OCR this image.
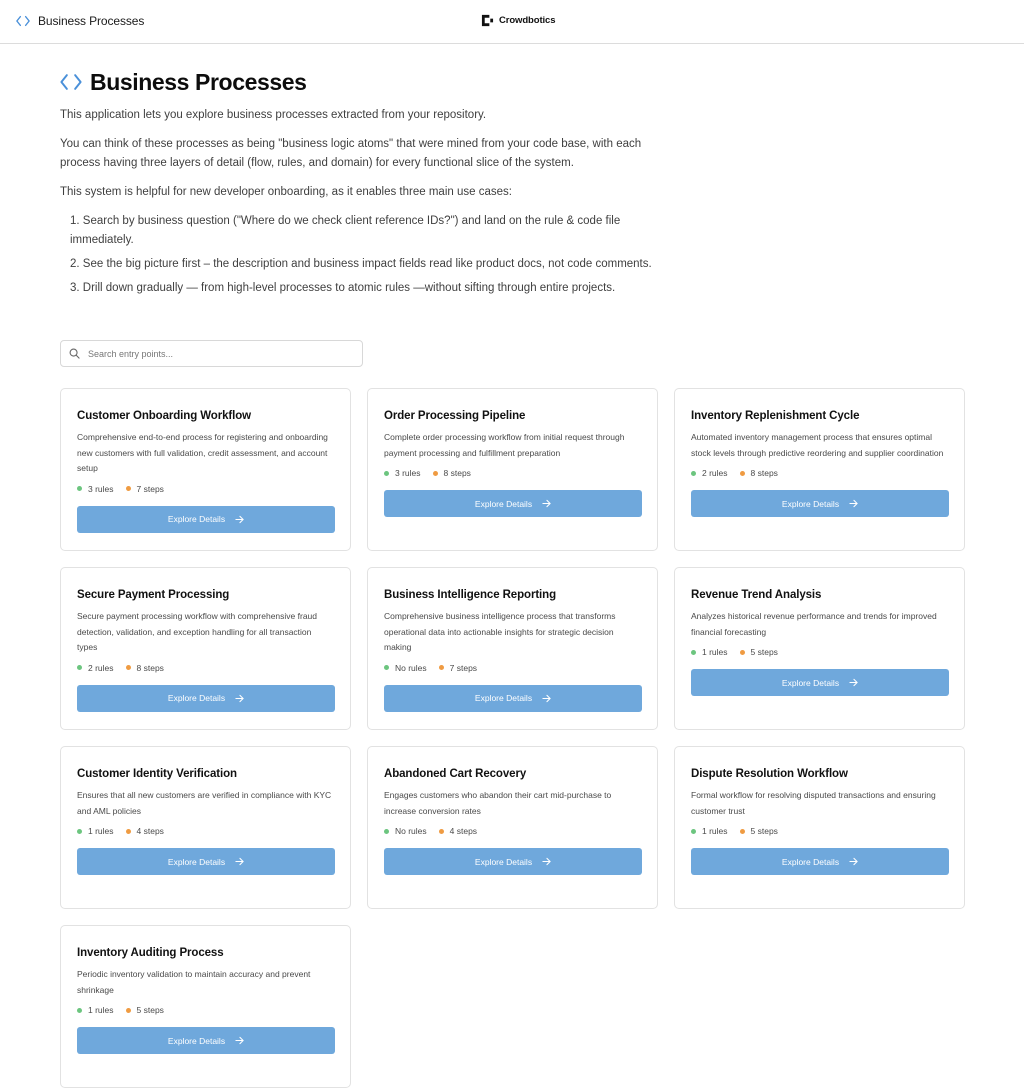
Business Processes	Crowdbotics
Business Processes

This application lets you explore business processes extracted from your repository.

You can think of these processes as being "business logic atoms" that were mined from your code base, with each process having three layers of detail (flow, rules, and domain) for every functional slice of the system.

This system is helpful for new developer onboarding, as it enables three main use cases:

1. Search by business question ("Where do we check client reference IDs?") and land on the rule & code file immediately.
2. See the big picture first – the description and business impact fields read like product docs, not code comments.
3. Drill down gradually — from high-level processes to atomic rules —without sifting through entire projects.
Search entry points...
Customer Onboarding Workflow
Comprehensive end-to-end process for registering and onboarding new customers with full validation, credit assessment, and account setup
3 rules	7 steps
Explore Details
Order Processing Pipeline
Complete order processing workflow from initial request through payment processing and fulfillment preparation
3 rules	8 steps
Explore Details
Inventory Replenishment Cycle
Automated inventory management process that ensures optimal stock levels through predictive reordering and supplier coordination
2 rules	8 steps
Explore Details
Secure Payment Processing
Secure payment processing workflow with comprehensive fraud detection, validation, and exception handling for all transaction types
2 rules	8 steps
Explore Details
Business Intelligence Reporting
Comprehensive business intelligence process that transforms operational data into actionable insights for strategic decision making
No rules	7 steps
Explore Details
Revenue Trend Analysis
Analyzes historical revenue performance and trends for improved financial forecasting
1 rules	5 steps
Explore Details
Customer Identity Verification
Ensures that all new customers are verified in compliance with KYC and AML policies
1 rules	4 steps
Explore Details
Abandoned Cart Recovery
Engages customers who abandon their cart mid-purchase to increase conversion rates
No rules	4 steps
Explore Details
Dispute Resolution Workflow
Formal workflow for resolving disputed transactions and ensuring customer trust
1 rules	5 steps
Explore Details
Inventory Auditing Process
Periodic inventory validation to maintain accuracy and prevent shrinkage
1 rules	5 steps
Explore Details
